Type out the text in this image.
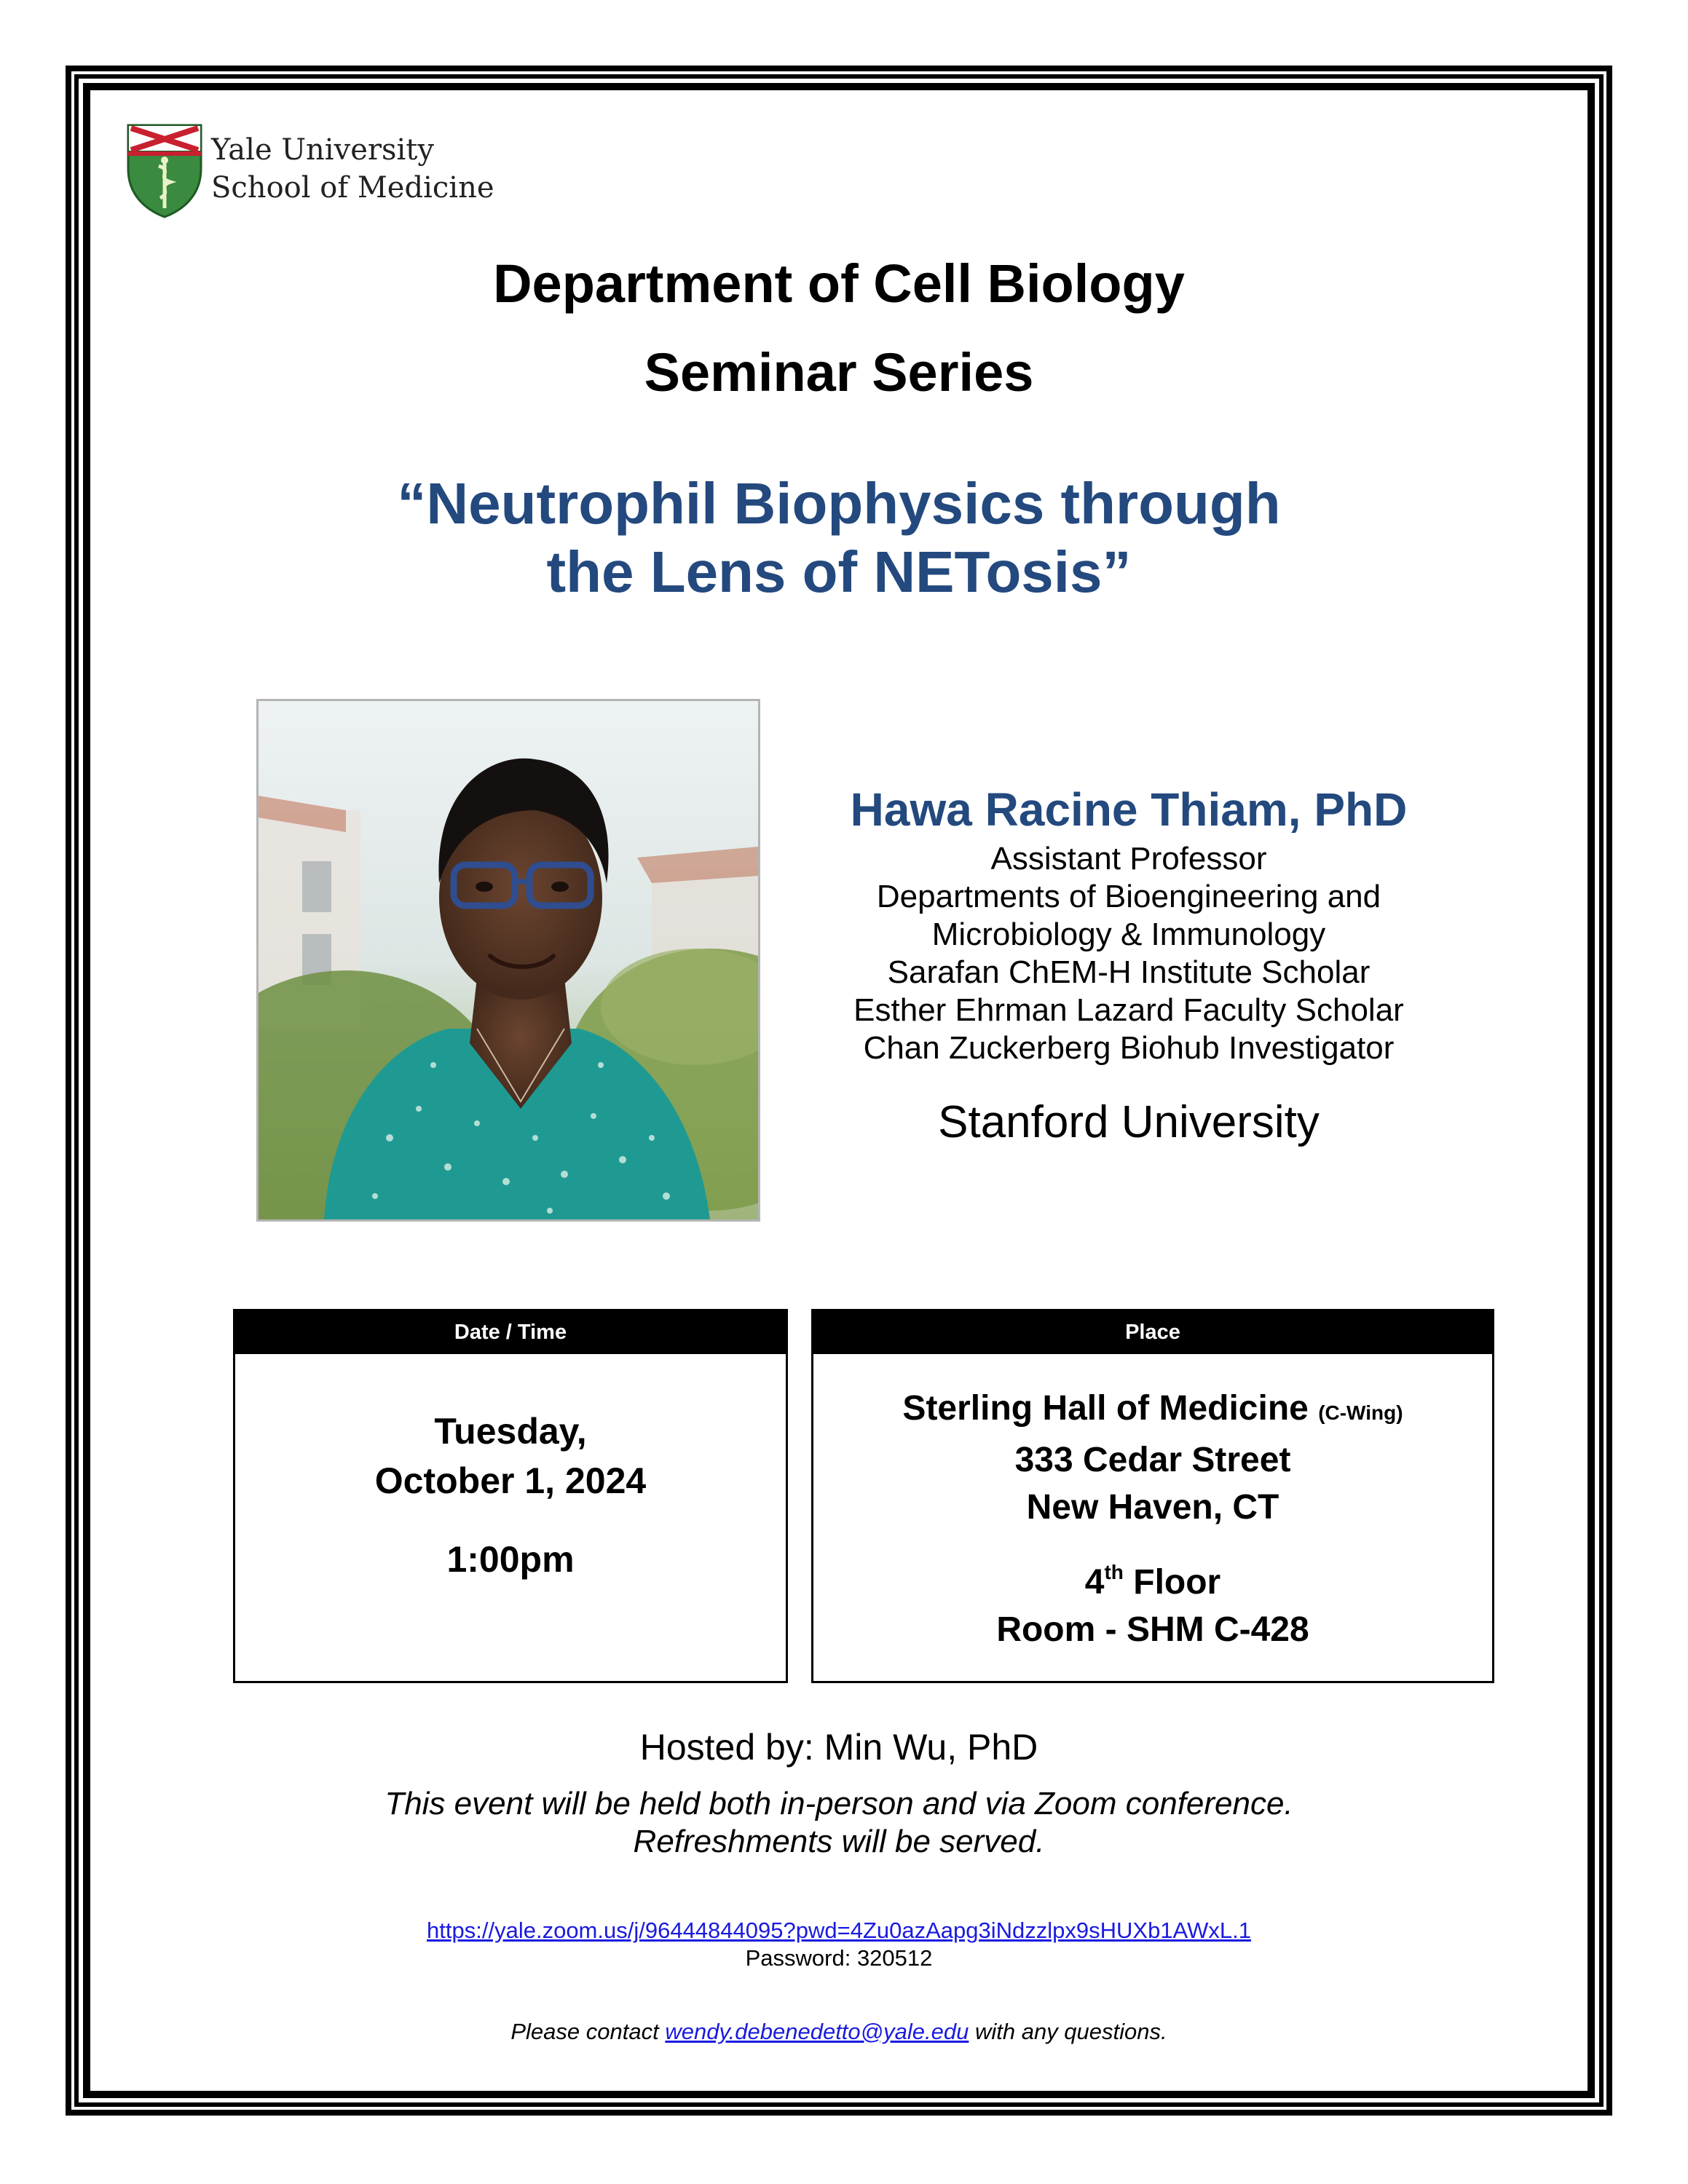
Yale University
School of Medicine
Department of Cell Biology
Seminar Series
“Neutrophil Biophysics through
the Lens of NETosis”
Hawa Racine Thiam, PhD
Assistant Professor
Departments of Bioengineering and
Microbiology & Immunology
Sarafan ChEM-H Institute Scholar
Esther Ehrman Lazard Faculty Scholar
Chan Zuckerberg Biohub Investigator
Stanford University
Date / Time
Tuesday,
October 1, 2024
1:00pm
Place
Sterling Hall of Medicine (C-Wing)
333 Cedar Street
New Haven, CT
4th Floor
Room - SHM C-428
Hosted by: Min Wu, PhD
This event will be held both in-person and via Zoom conference.
Refreshments will be served.
https://yale.zoom.us/j/96444844095?pwd=4Zu0azAapg3iNdzzlpx9sHUXb1AWxL.1
Password: 320512
Please contact wendy.debenedetto@yale.edu with any questions.
